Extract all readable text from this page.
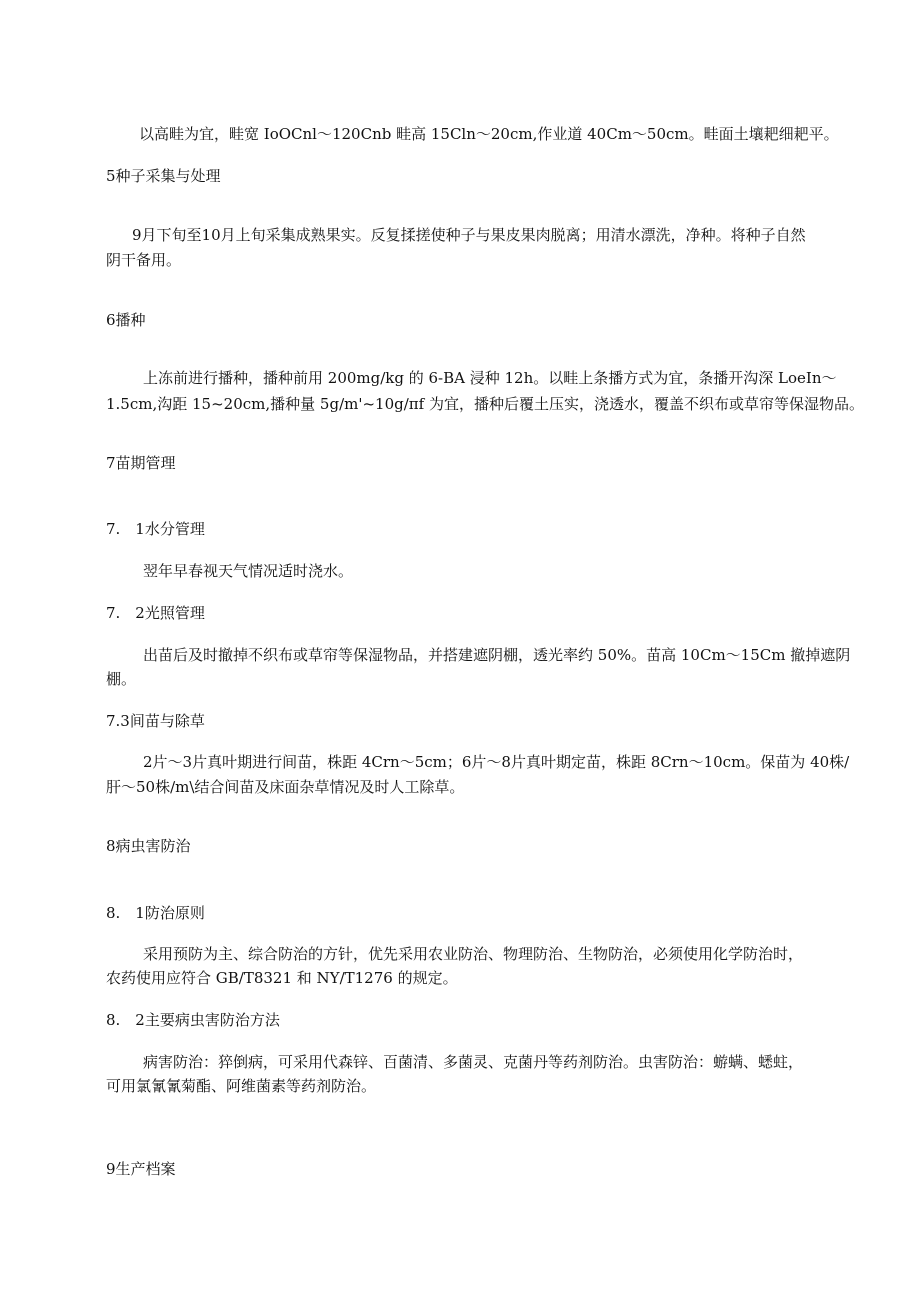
以高畦为宜，畦宽 IoOCnl～120Cnb 畦高 15Cln～20cm,作业道 40Cm～50cm。畦面土壤耙细耙平。

5种子采集与处理

9月下旬至10月上旬采集成熟果实。反复揉搓使种子与果皮果肉脱离；用清水漂洗，净种。将种子自然

阴干备用。

6播种

上冻前进行播种，播种前用 200mg∕kg 的 6-BA 浸种 12h。以畦上条播方式为宜，条播开沟深 LoeIn～

1.5cm,沟距 15~20cm,播种量 5g∕m'~10g∕πf 为宜，播种后覆土压实，浇透水，覆盖不织布或草帘等保湿物品。

7苗期管理

7.　1水分管理

翌年早春视天气情况适时浇水。

7.　2光照管理

出苗后及时撤掉不织布或草帘等保湿物品，并搭建遮阴棚，透光率约 50%。苗高 10Cm～15Cm 撤掉遮阴

棚。

7.3间苗与除草

2片～3片真叶期进行间苗，株距 4Crn～5cm；6片～8片真叶期定苗，株距 8Crn～10cm。保苗为 40株/

肝～50株∕m\结合间苗及床面杂草情况及时人工除草。

8病虫害防治

8.　1防治原则

采用预防为主、综合防治的方针，优先采用农业防治、物理防治、生物防治，必须使用化学防治时，

农药使用应符合 GB/T8321 和 NY/T1276 的规定。

8.　2主要病虫害防治方法

病害防治：猝倒病，可采用代森锌、百菌清、多菌灵、克菌丹等药剂防治。虫害防治：蝣螨、蟋蛀，

可用氯氰氰菊酯、阿维菌素等药剂防治。

9生产档案
